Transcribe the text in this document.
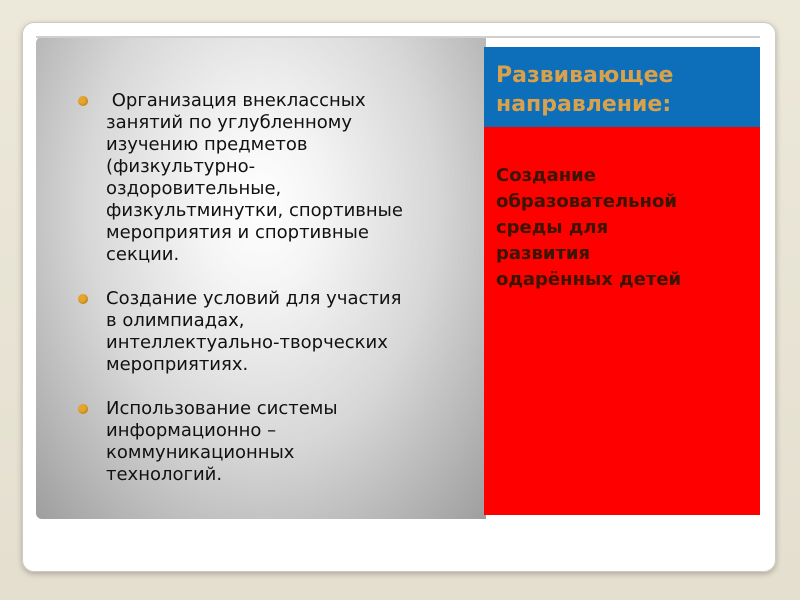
Организация внеклассных
занятий по углубленному
изучению предметов
(физкультурно-
оздоровительные,
физкультминутки, спортивные
мероприятия и спортивные
секции.
Создание условий для участия
в олимпиадах,
интеллектуально-творческих
мероприятиях.
Использование системы
информационно –
коммуникационных
технологий.
Развивающее
направление:
Создание
образовательной
среды для
развития
одарённых детей
